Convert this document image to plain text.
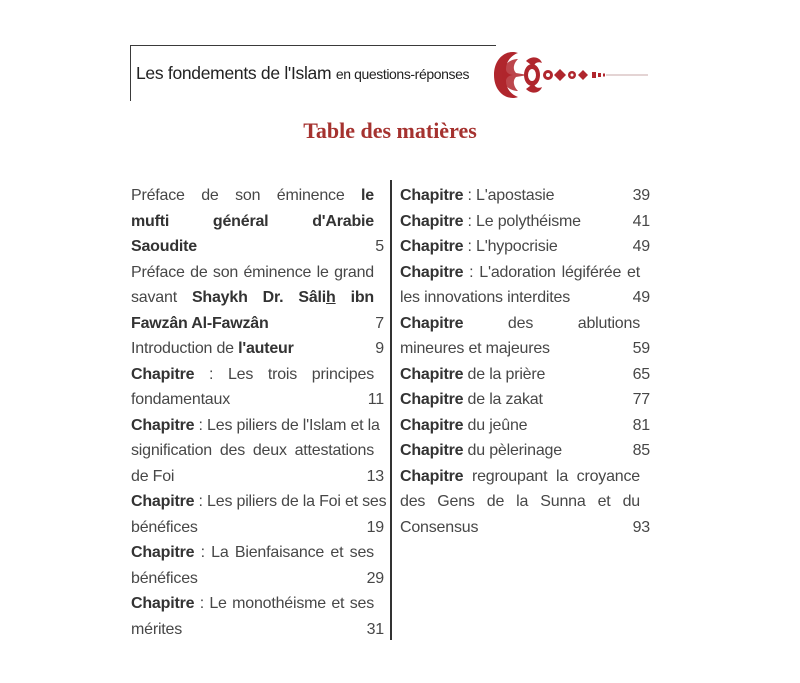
Les fondements de l'Islam en questions-réponses
Table des matières
Préface de son éminence le
mufti général d'Arabie
Saoudite	5
Préface de son éminence le grand
savant Shaykh Dr. Sâlih ibn
Fawzân Al-Fawzân	7
Introduction de l'auteur	9
Chapitre : Les trois principes
fondamentaux	11
Chapitre : Les piliers de l'Islam et la
signification des deux attestations
de Foi	13
Chapitre : Les piliers de la Foi et ses
bénéfices	19
Chapitre : La Bienfaisance et ses
bénéfices	29
Chapitre : Le monothéisme et ses
mérites	31
Chapitre : L'apostasie	39
Chapitre : Le polythéisme	41
Chapitre : L'hypocrisie	49
Chapitre : L'adoration légiférée et
les innovations interdites	49
Chapitre des ablutions
mineures et majeures	59
Chapitre de la prière	65
Chapitre de la zakat	77
Chapitre du jeûne	81
Chapitre du pèlerinage	85
Chapitre regroupant la croyance
des Gens de la Sunna et du
Consensus	93
